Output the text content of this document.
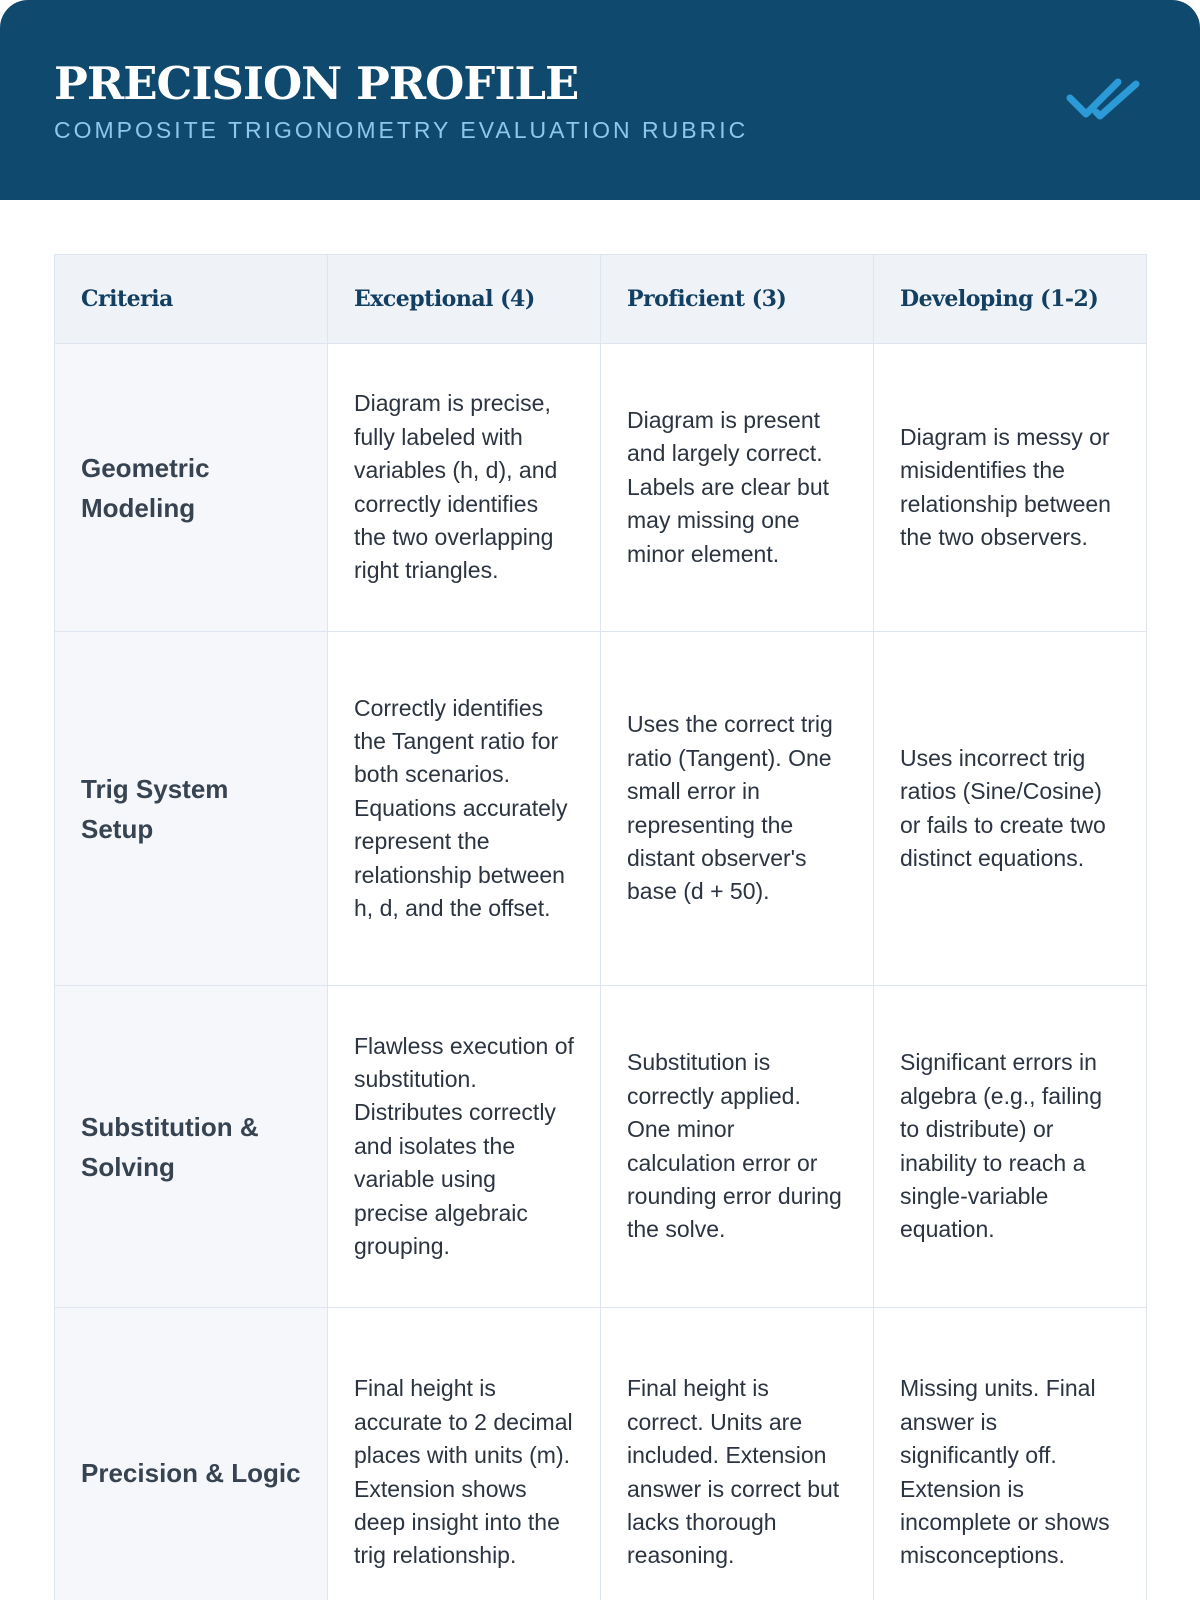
PRECISION PROFILE
COMPOSITE TRIGONOMETRY EVALUATION RUBRIC
Criteria	Exceptional (4)	Proficient (3)	Developing (1-2)
Geometric Modeling	Diagram is precise, fully labeled with variables (h, d), and correctly identifies the two overlapping right triangles.	Diagram is present and largely correct. Labels are clear but may missing one minor element.	Diagram is messy or misidentifies the relationship between the two observers.
Trig System Setup	Correctly identifies the Tangent ratio for both scenarios. Equations accurately represent the relationship between h, d, and the offset.	Uses the correct trig ratio (Tangent). One small error in representing the distant observer's base (d + 50).	Uses incorrect trig ratios (Sine/Cosine) or fails to create two distinct equations.
Substitution & Solving	Flawless execution of substitution. Distributes correctly and isolates the variable using precise algebraic grouping.	Substitution is correctly applied. One minor calculation error or rounding error during the solve.	Significant errors in algebra (e.g., failing to distribute) or inability to reach a single-variable equation.
Precision & Logic	Final height is accurate to 2 decimal places with units (m). Extension shows deep insight into the trig relationship.	Final height is correct. Units are included. Extension answer is correct but lacks thorough reasoning.	Missing units. Final answer is significantly off. Extension is incomplete or shows misconceptions.
